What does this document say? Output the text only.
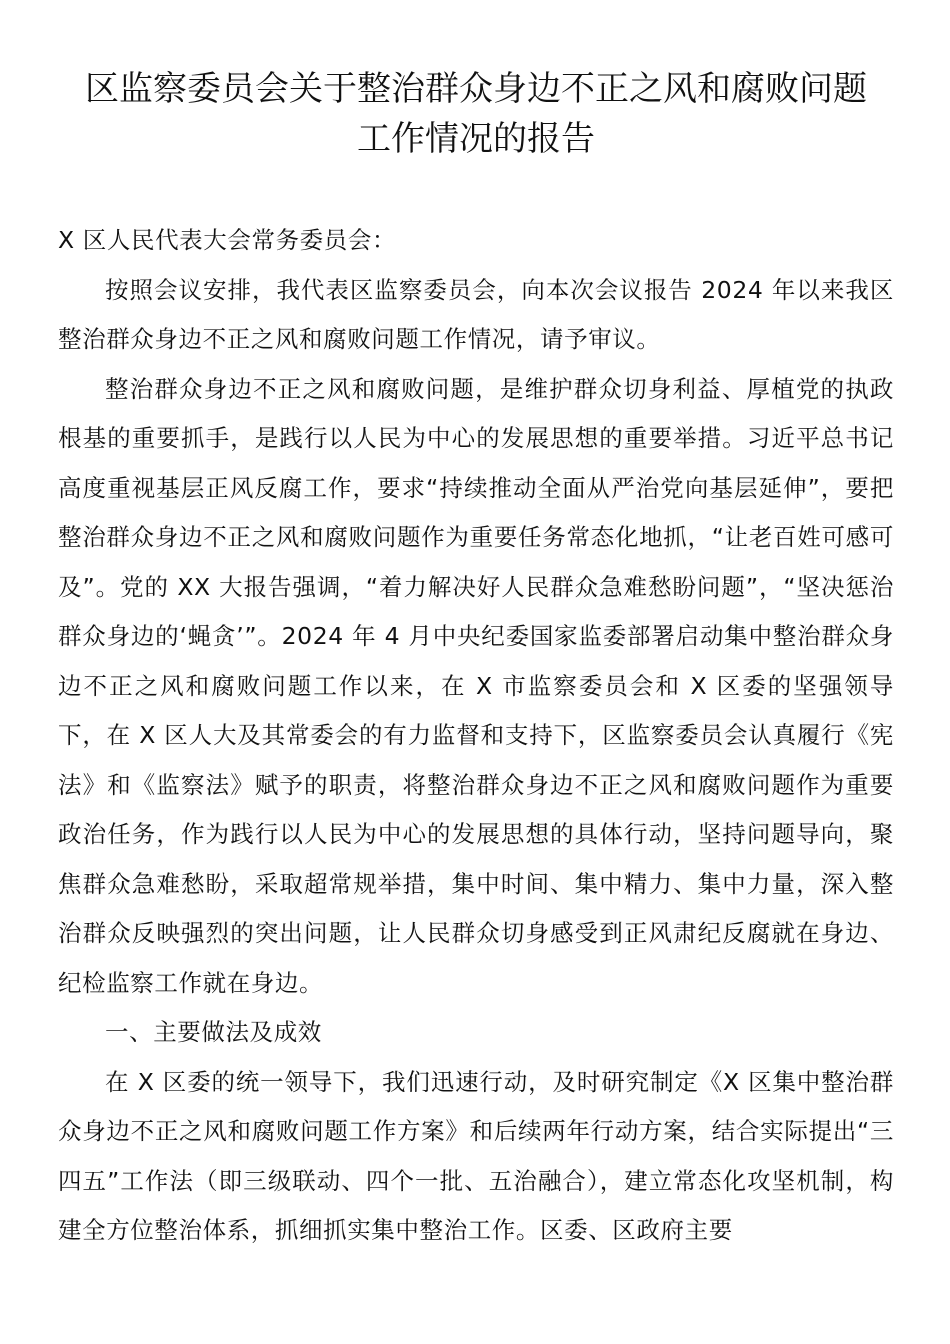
区监察委员会关于整治群众身边不正之风和腐败问题
工作情况的报告
X 区人民代表大会常务委员会：

按照会议安排，我代表区监察委员会，向本次会议报告 2024 年以来我区整治群众身边不正之风和腐败问题工作情况，请予审议。

整治群众身边不正之风和腐败问题，是维护群众切身利益、厚植党的执政根基的重要抓手，是践行以人民为中心的发展思想的重要举措。习近平总书记高度重视基层正风反腐工作，要求“持续推动全面从严治党向基层延伸”，要把整治群众身边不正之风和腐败问题作为重要任务常态化地抓，“让老百姓可感可及”。党的 XX 大报告强调，“着力解决好人民群众急难愁盼问题”，“坚决惩治群众身边的‘蝇贪’”。2024 年 4 月中央纪委国家监委部署启动集中整治群众身边不正之风和腐败问题工作以来，在 X 市监察委员会和 X 区委的坚强领导下，在 X 区人大及其常委会的有力监督和支持下，区监察委员会认真履行《宪法》和《监察法》赋予的职责，将整治群众身边不正之风和腐败问题作为重要政治任务，作为践行以人民为中心的发展思想的具体行动，坚持问题导向，聚焦群众急难愁盼，采取超常规举措，集中时间、集中精力、集中力量，深入整治群众反映强烈的突出问题，让人民群众切身感受到正风肃纪反腐就在身边、纪检监察工作就在身边。

一、主要做法及成效

在 X 区委的统一领导下，我们迅速行动，及时研究制定《X 区集中整治群众身边不正之风和腐败问题工作方案》和后续两年行动方案，结合实际提出“三四五”工作法（即三级联动、四个一批、五治融合），建立常态化攻坚机制，构建全方位整治体系，抓细抓实集中整治工作。区委、区政府主要
